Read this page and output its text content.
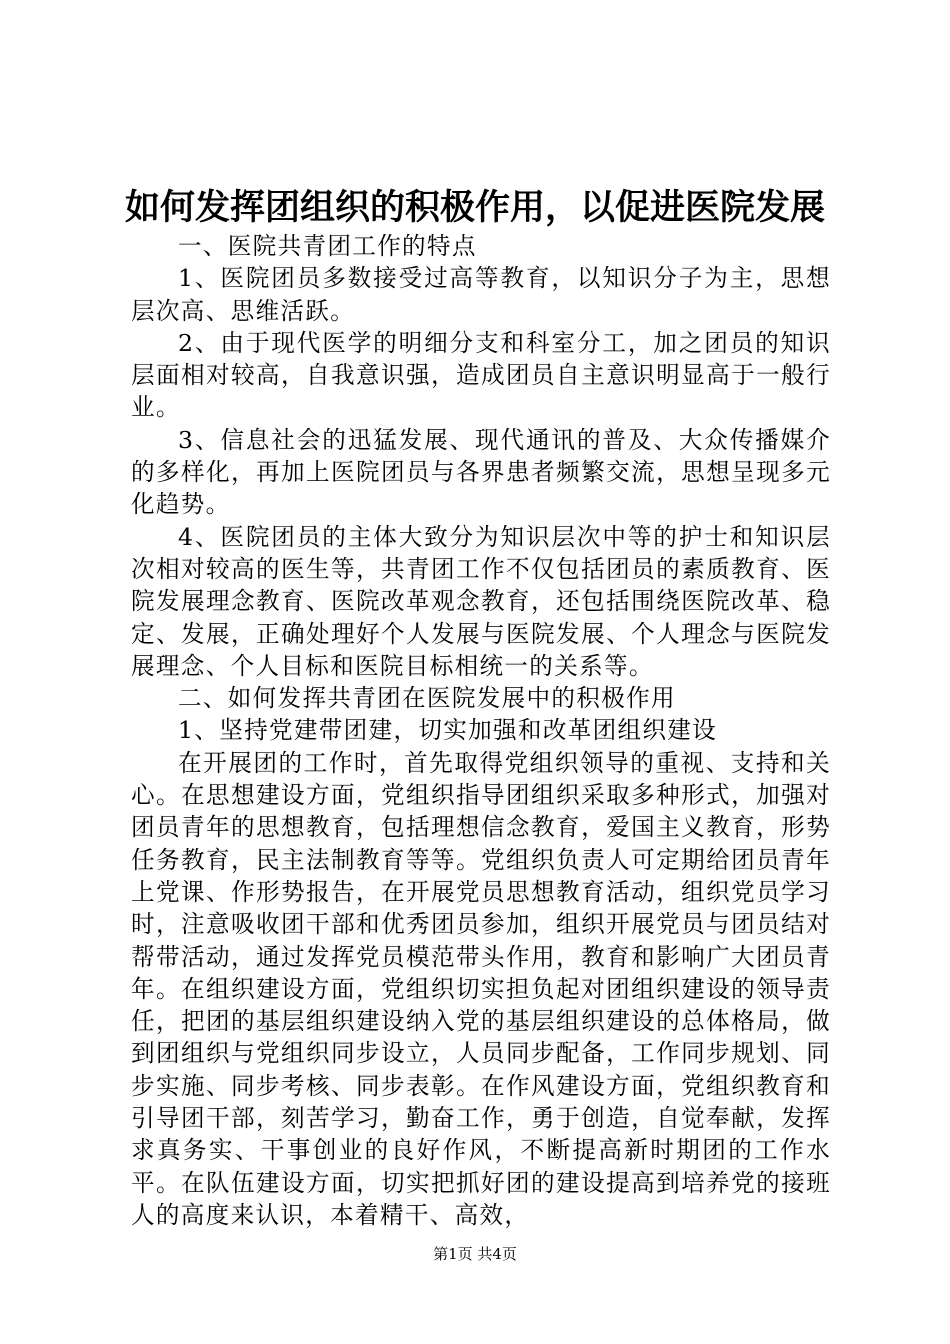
如何发挥团组织的积极作用，以促进医院发展

一、医院共青团工作的特点

1、医院团员多数接受过高等教育，以知识分子为主，思想层次高、思维活跃。

2、由于现代医学的明细分支和科室分工，加之团员的知识层面相对较高，自我意识强，造成团员自主意识明显高于一般行业。

3、信息社会的迅猛发展、现代通讯的普及、大众传播媒介的多样化，再加上医院团员与各界患者频繁交流，思想呈现多元化趋势。

4、医院团员的主体大致分为知识层次中等的护士和知识层次相对较高的医生等，共青团工作不仅包括团员的素质教育、医院发展理念教育、医院改革观念教育，还包括围绕医院改革、稳定、发展，正确处理好个人发展与医院发展、个人理念与医院发展理念、个人目标和医院目标相统一的关系等。

二、如何发挥共青团在医院发展中的积极作用

1、坚持党建带团建，切实加强和改革团组织建设

在开展团的工作时，首先取得党组织领导的重视、支持和关心。在思想建设方面，党组织指导团组织采取多种形式，加强对团员青年的思想教育，包括理想信念教育，爱国主义教育，形势任务教育，民主法制教育等等。党组织负责人可定期给团员青年上党课、作形势报告，在开展党员思想教育活动，组织党员学习时，注意吸收团干部和优秀团员参加，组织开展党员与团员结对帮带活动，通过发挥党员模范带头作用，教育和影响广大团员青年。在组织建设方面，党组织切实担负起对团组织建设的领导责任，把团的基层组织建设纳入党的基层组织建设的总体格局，做到团组织与党组织同步设立，人员同步配备，工作同步规划、同步实施、同步考核、同步表彰。在作风建设方面，党组织教育和引导团干部，刻苦学习，勤奋工作，勇于创造，自觉奉献，发挥求真务实、干事创业的良好作风，不断提高新时期团的工作水平。在队伍建设方面，切实把抓好团的建设提高到培养党的接班人的高度来认识，本着精干、高效，

第1页 共4页
